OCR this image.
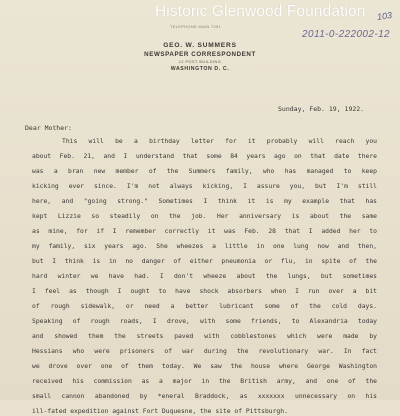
Historic Glenwood Foundation 103
TELEPHONE MAIN 7291
2011-0-222002-12
GEO. W. SUMMERS
NEWSPAPER CORRESPONDENT
12 POST BUILDING
WASHINGTON D. C.
Sunday, Feb. 19, 1922.
Dear Mother:
This will be a birthday letter for it probably will reach you
about Feb. 21, and I understand that some 84 years ago on that date there
was a bran new member of the Summers family, who has managed to keep
kicking ever since. I'm not always kicking, I assure you, but I'm still
here, and "going strong." Sometimes I think it is my example that has
kept Lizzie so steadily on the job. Her anniversary is about the same
as mine, for if I remember correctly it was Feb. 28 that I added her to
my family, six years ago. She wheezes a little in one lung now and then,
but I think is in no danger of either pneumonia or flu, in spite of the
hard winter we have had. I don't wheeze about the lungs, but sometimes
I feel as though I ought to have shock absorbers when I run over a bit
of rough sidewalk, or need a better lubricant some of the cold days.
Speaking of rough roads, I drove, with some friends, to Alexandria today
and showed them the streets paved with cobblestones which were made by
Hessians who were prisoners of war during the revolutionary war. In fact
we drove over one of them today. We saw the house where George Washington
received his commission as a major in the British army, and one of the
small cannon abandoned by *eneral Braddock, as xxxxxxx unnecessary on his
ill-fated expedition against Fort Duquesne, the site of Pittsburgh.
